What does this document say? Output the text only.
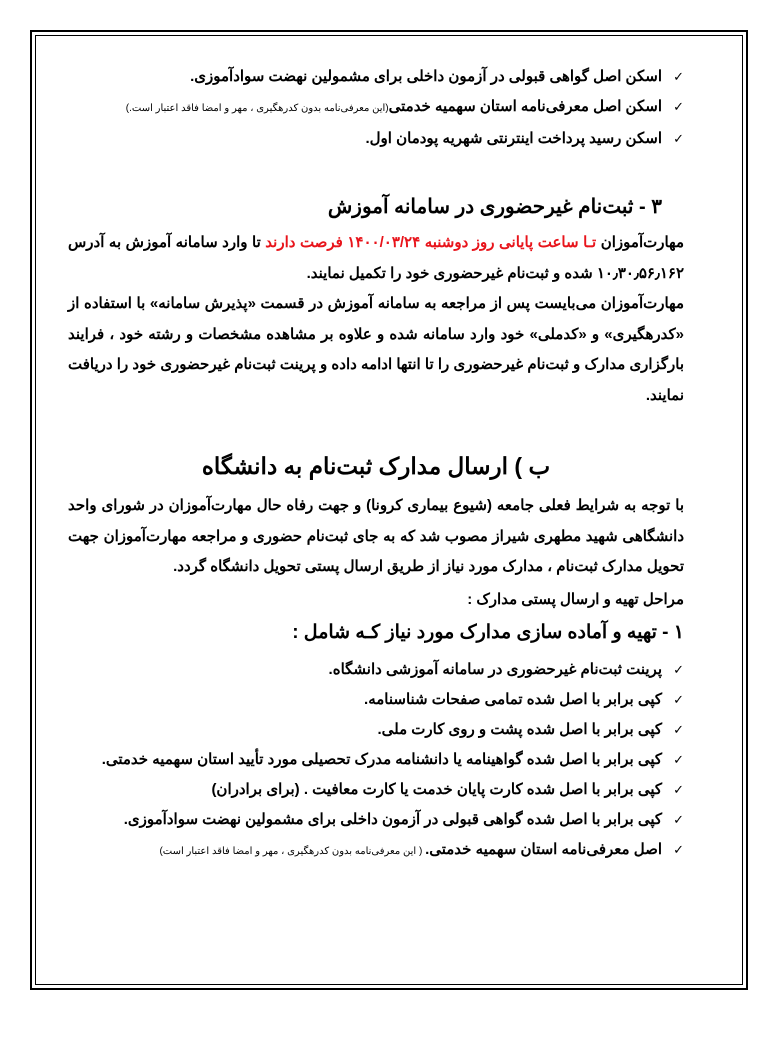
✓
اسکن اصل گواهی قبولی در آزمون داخلی برای مشمولین نهضت سوادآموزی.
✓
اسکن اصل معرفی‌نامه استان سهمیه خدمتی(این معرفی‌نامه بدون کدرهگیری ، مهر و امضا فاقد اعتبار است.)
✓
اسکن رسید پرداخت اینترنتی شهریه پودمان اول.
۳ - ثبت‌نام غیرحضوری در سامانه آموزش

مهارت‌آموزان تـا ساعت پایانی روز دوشنبه ۱۴۰۰/۰۳/۲۴ فرصت دارند تا وارد سامانه آموزش به آدرس ۱۰٫۳۰٫۵۶٫۱۶۲ شده و ثبت‌نام غیرحضوری خود را تکمیل نمایند.

مهارت‌آموزان می‌بایست پس از مراجعه به سامانه آموزش در قسمت «پذیرش سامانه» با استفاده از «کدرهگیری» و «کدملی» خود وارد سامانه شده و علاوه بر مشاهده مشخصات و رشته خود ، فرایند بارگزاری مدارک و ثبت‌نام غیرحضوری را تا انتها ادامه داده و پرینت ثبت‌نام غیرحضوری خود را دریافت نمایند.

ب ) ارسال مدارک ثبت‌نام به دانشگاه

با توجه به شرایط فعلی جامعه (شیوع بیماری کرونا) و جهت رفاه حال مهارت‌آموزان در شورای واحد دانشگاهی شهید مطهری شیراز مصوب شد که به جای ثبت‌نام حضوری و مراجعه مهارت‌آموزان جهت تحویل مدارک ثبت‌نام ، مدارک مورد نیاز از طریق ارسال پستی تحویل دانشگاه گردد.

مراحل تهیه و ارسال پستی مدارک :
۱ - تهیه و آماده سازی مدارک مورد نیاز کـه شامل :
✓
پرینت ثبت‌نام غیرحضوری در سامانه آموزشی دانشگاه.
✓
کپی برابر با اصل شده تمامی صفحات شناسنامه.
✓
کپی برابر با اصل شده پشت و روی کارت ملی.
✓
کپی برابر با اصل شده گواهینامه یا دانشنامه مدرک تحصیلی مورد تأیید استان سهمیه خدمتی.
✓
کپی برابر با اصل شده کارت پایان خدمت یا کارت معافیت . (برای برادران)
✓
کپی برابر با اصل شده گواهی قبولی در آزمون داخلی برای مشمولین نهضت سوادآموزی.
✓
اصل معرفی‌نامه استان سهمیه خدمتی. ( این معرفی‌نامه بدون کدرهگیری ، مهر و امضا فاقد اعتبار است)
